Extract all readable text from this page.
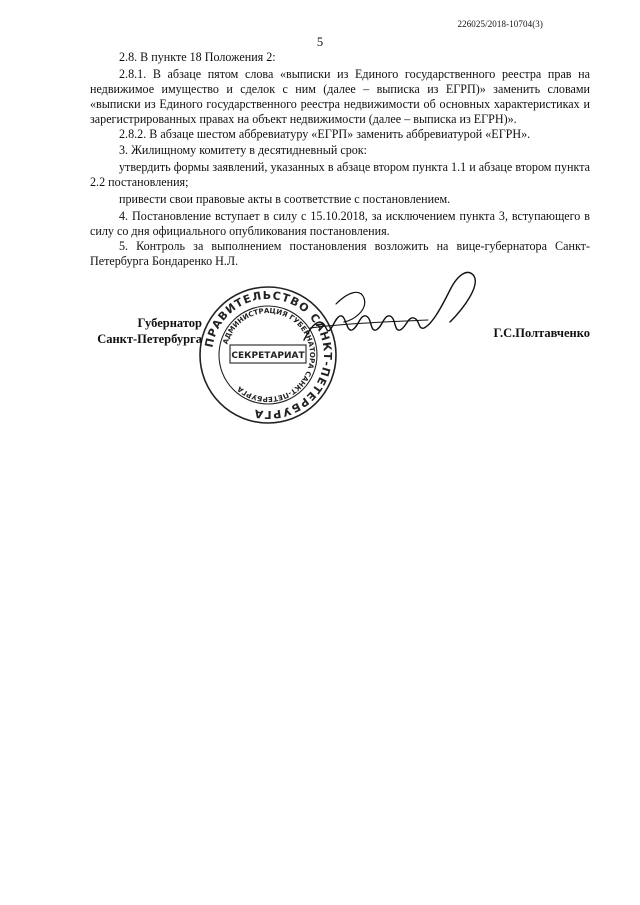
226025/2018-10704(3)
5

2.8. В пункте 18 Положения 2:

2.8.1. В абзаце пятом слова «выписки из Единого государственного реестра прав на недвижимое имущество и сделок с ним (далее – выписка из ЕГРП)» заменить словами «выписки из Единого государственного реестра недвижимости об основных характеристиках и зарегистрированных правах на объект недвижимости (далее – выписка из ЕГРН)».

2.8.2. В абзаце шестом аббревиатуру «ЕГРП» заменить аббревиатурой «ЕГРН».

3. Жилищному комитету в десятидневный срок:

утвердить формы заявлений, указанных в абзаце втором пункта 1.1 и абзаце втором пункта 2.2 постановления;

привести свои правовые акты в соответствие с постановлением.

4. Постановление вступает в силу с 15.10.2018, за исключением пункта 3, вступающего в силу со дня официального опубликования постановления.

5. Контроль за выполнением постановления возложить на вице-губернатора Санкт-Петербурга Бондаренко Н.Л.

Губернатор
Санкт-Петербурга	Г.С.Полтавченко
ПРАВИТЕЛЬСТВО САНКТ-ПЕТЕРБУРГА
АДМИНИСТРАЦИЯ ГУБЕРНАТОРА САНКТ-ПЕТЕРБУРГА
СЕКРЕТАРИАТ
